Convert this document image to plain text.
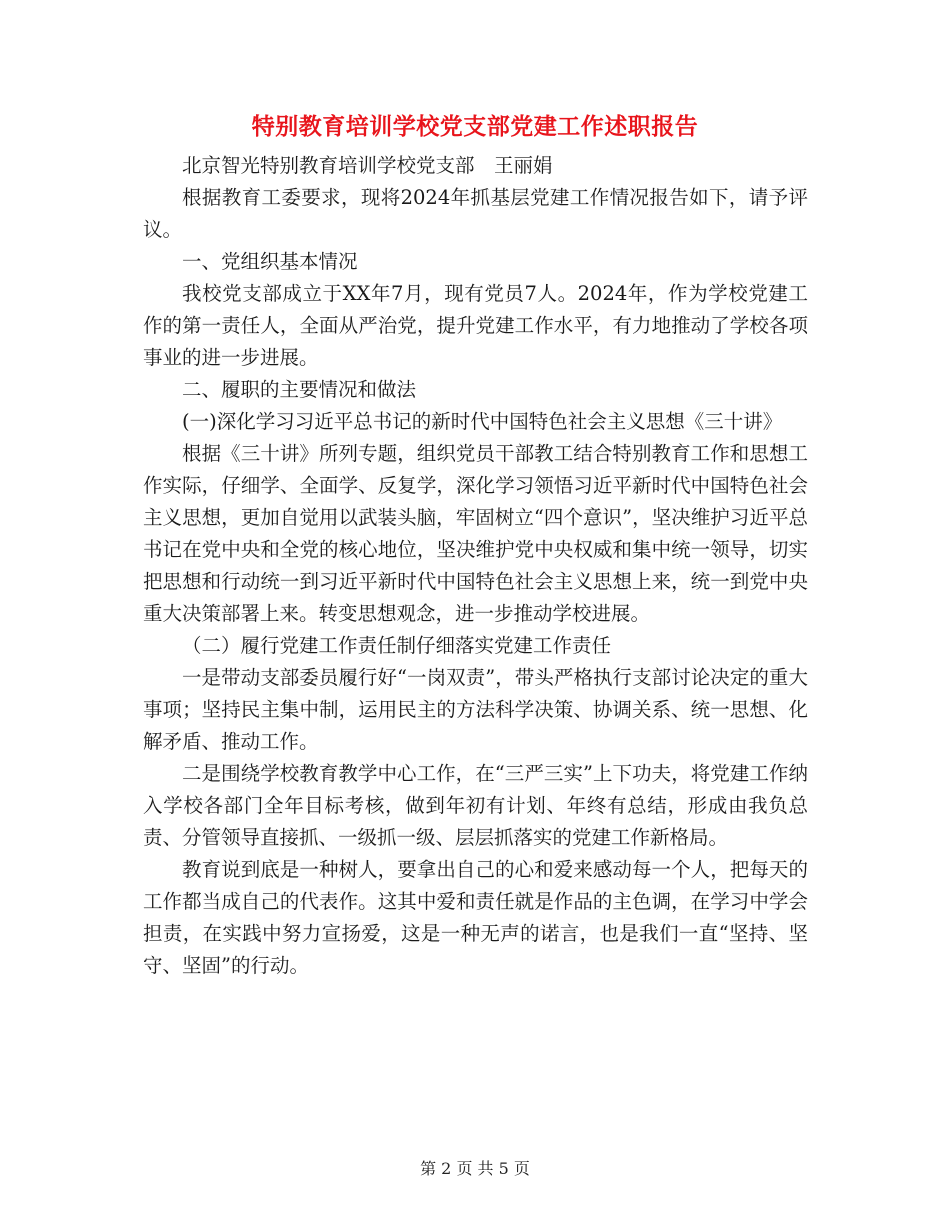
特别教育培训学校党支部党建工作述职报告

北京智光特别教育培训学校党支部　王丽娟

根据教育工委要求，现将2024年抓基层党建工作情况报告如下，请予评议。

一、党组织基本情况

我校党支部成立于XX年7月，现有党员7人。2024年，作为学校党建工作的第一责任人，全面从严治党，提升党建工作水平，有力地推动了学校各项事业的进一步进展。

二、履职的主要情况和做法

(一)深化学习习近平总书记的新时代中国特色社会主义思想《三十讲》

根据《三十讲》所列专题，组织党员干部教工结合特别教育工作和思想工作实际，仔细学、全面学、反复学，深化学习领悟习近平新时代中国特色社会主义思想，更加自觉用以武装头脑，牢固树立“四个意识”，坚决维护习近平总书记在党中央和全党的核心地位，坚决维护党中央权威和集中统一领导，切实把思想和行动统一到习近平新时代中国特色社会主义思想上来，统一到党中央重大决策部署上来。转变思想观念，进一步推动学校进展。

（二）履行党建工作责任制仔细落实党建工作责任

一是带动支部委员履行好“一岗双责”，带头严格执行支部讨论决定的重大事项；坚持民主集中制，运用民主的方法科学决策、协调关系、统一思想、化解矛盾、推动工作。

二是围绕学校教育教学中心工作，在“三严三实”上下功夫，将党建工作纳入学校各部门全年目标考核，做到年初有计划、年终有总结，形成由我负总责、分管领导直接抓、一级抓一级、层层抓落实的党建工作新格局。

教育说到底是一种树人，要拿出自己的心和爱来感动每一个人，把每天的工作都当成自己的代表作。这其中爱和责任就是作品的主色调，在学习中学会担责，在实践中努力宣扬爱，这是一种无声的诺言，也是我们一直“坚持、坚守、坚固”的行动。

第 2 页 共 5 页
